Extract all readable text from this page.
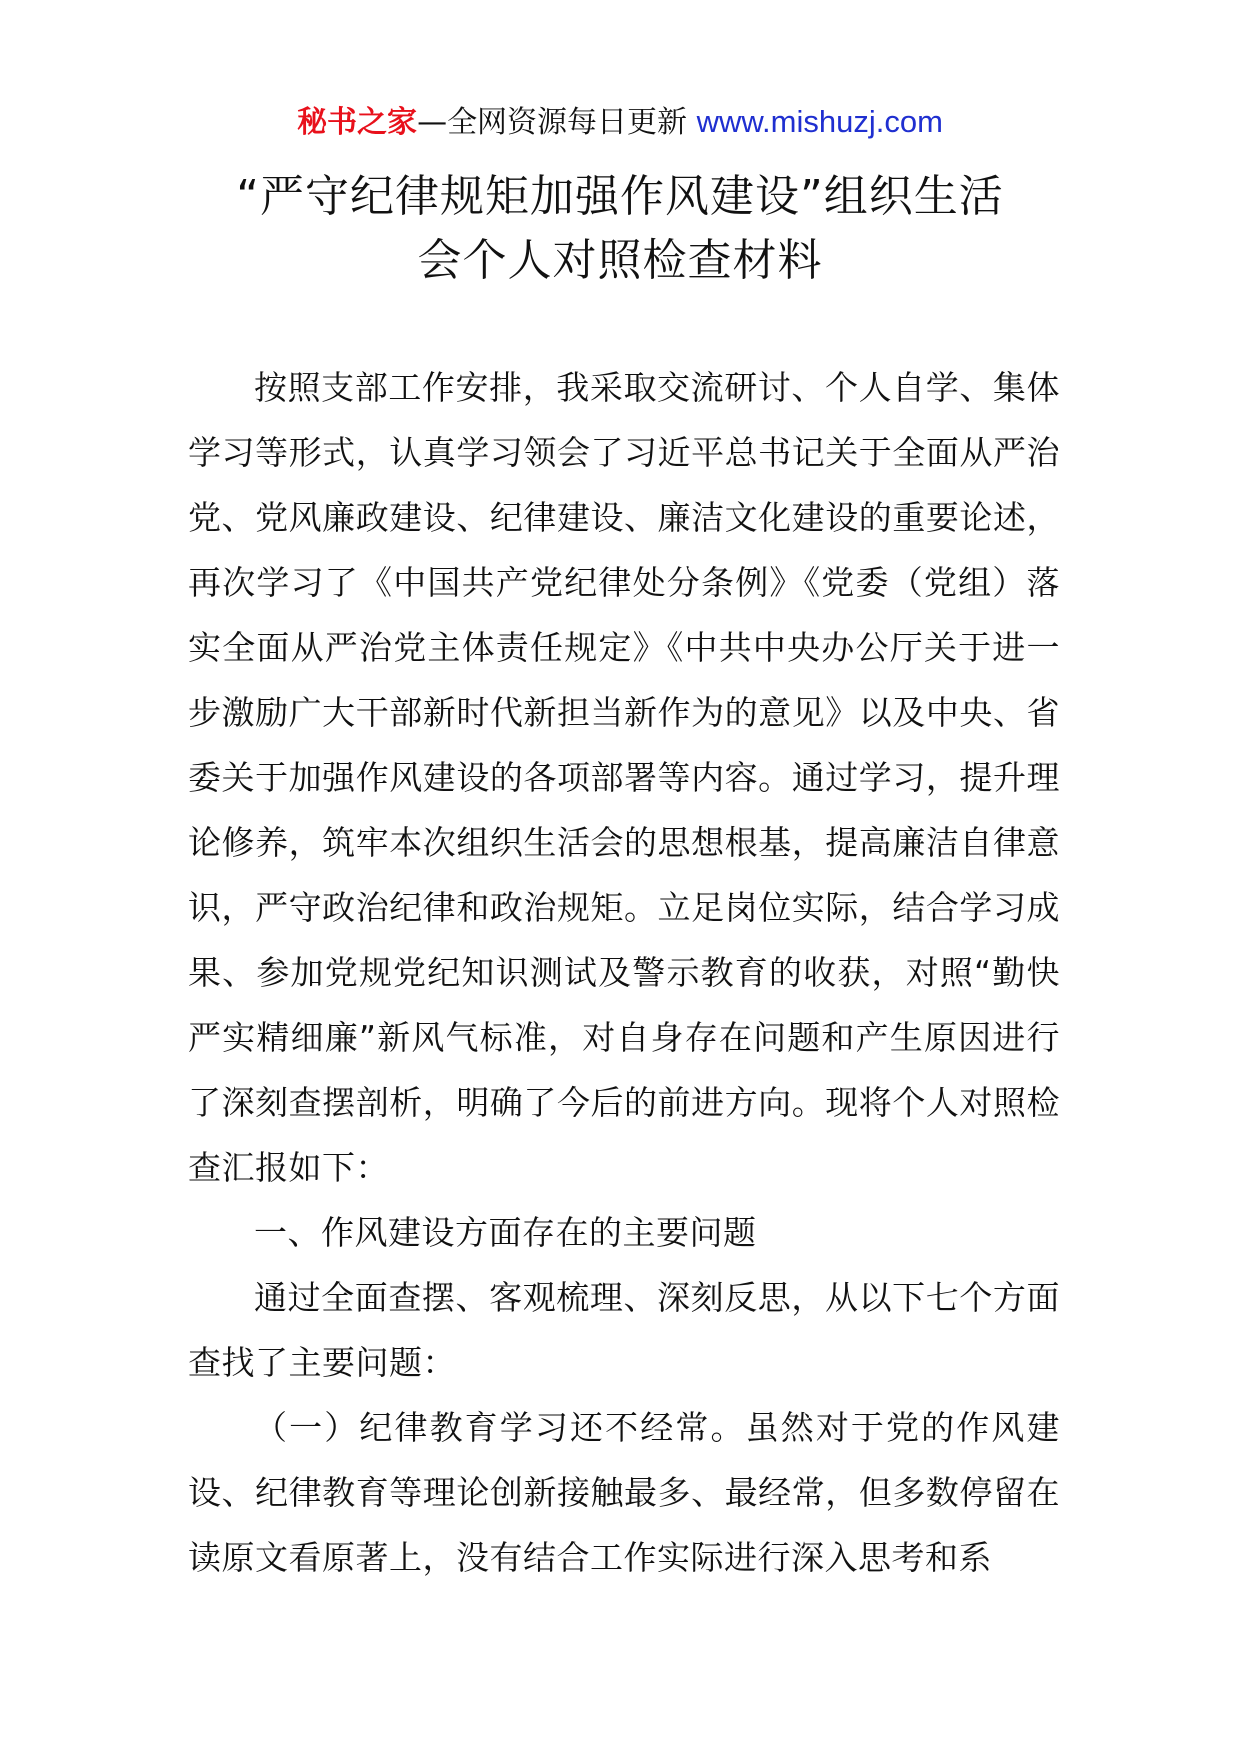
秘书之家—全网资源每日更新 www.mishuzj.com
“严守纪律规矩加强作风建设”组织生活
会个人对照检查材料

按照支部工作安排，我采取交流研讨、个人自学、集体学习等形式，认真学习领会了习近平总书记关于全面从严治党、党风廉政建设、纪律建设、廉洁文化建设的重要论述，再次学习了《中国共产党纪律处分条例》《党委（党组）落实全面从严治党主体责任规定》《中共中央办公厅关于进一步激励广大干部新时代新担当新作为的意见》以及中央、省委关于加强作风建设的各项部署等内容。通过学习，提升理论修养，筑牢本次组织生活会的思想根基，提高廉洁自律意识，严守政治纪律和政治规矩。立足岗位实际，结合学习成果、参加党规党纪知识测试及警示教育的收获，对照“勤快严实精细廉”新风气标准，对自身存在问题和产生原因进行了深刻查摆剖析，明确了今后的前进方向。现将个人对照检查汇报如下：

一、作风建设方面存在的主要问题

通过全面查摆、客观梳理、深刻反思，从以下七个方面查找了主要问题：

（一）纪律教育学习还不经常。虽然对于党的作风建设、纪律教育等理论创新接触最多、最经常，但多数停留在读原文看原著上，没有结合工作实际进行深入思考和系
